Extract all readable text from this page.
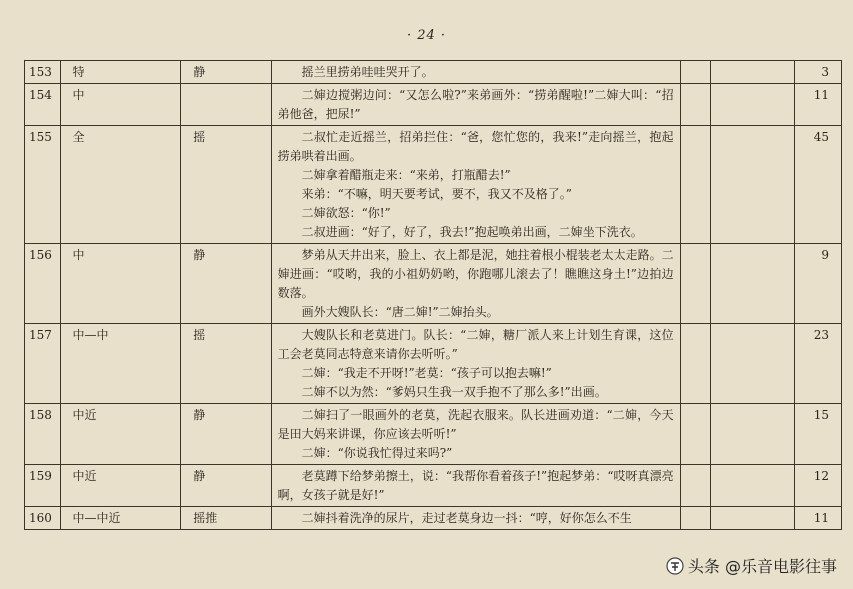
· 24 ·
153	特	静	摇兰里捞弟哇哇哭开了。			3
154	中		二婶边搅粥边问：“又怎么啦?”来弟画外：“捞弟醒啦!”二婶大叫：“招弟他爸，把尿!”			11
155	全	摇	二叔忙走近摇兰，招弟拦住：“爸，您忙您的，我来!”走向摇兰，抱起捞弟哄着出画。

二婶拿着醋瓶走来：“来弟，打瓶醋去!”

来弟：“不嘛，明天要考试，要不，我又不及格了。”

二婶欲怒：“你!”

二叔进画：“好了，好了，我去!”抱起唤弟出画，二婶坐下洗衣。			45
156	中	静	梦弟从天井出来，脸上、衣上都是泥，她拄着根小棍装老太太走路。二婶进画：“哎哟，我的小祖奶奶哟，你跑哪儿滚去了！瞧瞧这身土!”边拍边数落。

画外大嫂队长：“唐二婶!”二婶抬头。			9
157	中—中	摇	大嫂队长和老莫进门。队长：“二婶，糖厂派人来上计划生育课，这位工会老莫同志特意来请你去听听。”

二婶：“我走不开呀!”老莫：“孩子可以抱去嘛!”

二婶不以为然：“爹妈只生我一双手抱不了那么多!”出画。			23
158	中近	静	二婶扫了一眼画外的老莫，洗起衣服来。队长进画劝道：“二婶，今天是田大妈来讲课，你应该去听听!”

二婶：“你说我忙得过来吗?”			15
159	中近	静	老莫蹲下给梦弟擦土，说：“我帮你看着孩子!”抱起梦弟：“哎呀真漂亮啊，女孩子就是好!”			12
160	中—中近	摇推	二婶抖着洗净的尿片，走过老莫身边一抖：“哼，好你怎么不生			11
头条 @乐音电影往事
